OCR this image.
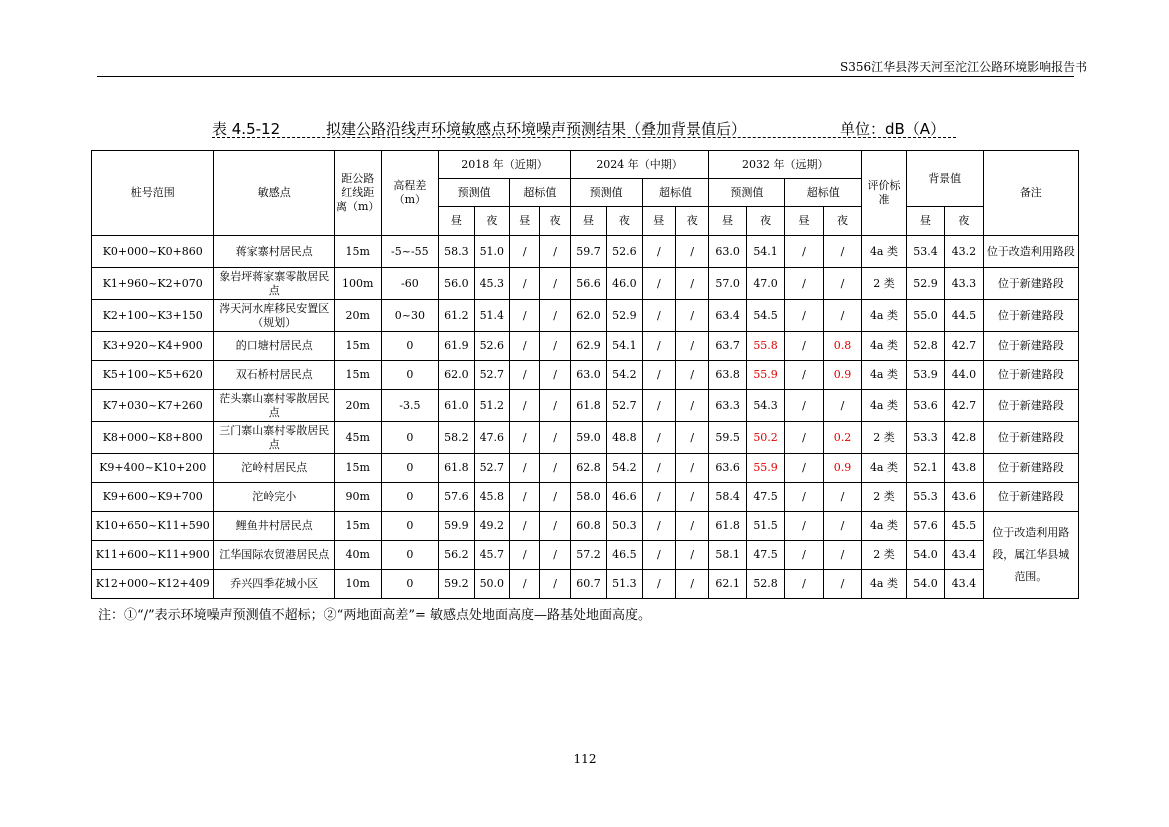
S356江华县涔天河至沱江公路环境影响报告书
表 4.5-12	拟建公路沿线声环境敏感点环境噪声预测结果（叠加背景值后）	单位：dB（A）
桩号范围	敏感点	距公路红线距离（m）	高程差（m）	2018 年（近期）				2024 年（中期）				2032 年（远期）				评价标准	背景值		备注
				预测值		超标值		预测值		超标值		预测值		超标值					
				昼	夜	昼	夜	昼	夜	昼	夜	昼	夜	昼	夜		昼	夜	
K0+000~K0+860	蒋家寨村居民点	15m	-5~-55	58.3	51.0	/	/	59.7	52.6	/	/	63.0	54.1	/	/	4a 类	53.4	43.2	位于改造利用路段
K1+960~K2+070	象岩坪蒋家寨零散居民点	100m	-60	56.0	45.3	/	/	56.6	46.0	/	/	57.0	47.0	/	/	2 类	52.9	43.3	位于新建路段
K2+100~K3+150	涔天河水库移民安置区（规划）	20m	0~30	61.2	51.4	/	/	62.0	52.9	/	/	63.4	54.5	/	/	4a 类	55.0	44.5	位于新建路段
K3+920~K4+900	的口塘村居民点	15m	0	61.9	52.6	/	/	62.9	54.1	/	/	63.7	55.8	/	0.8	4a 类	52.8	42.7	位于新建路段
K5+100~K5+620	双石桥村居民点	15m	0	62.0	52.7	/	/	63.0	54.2	/	/	63.8	55.9	/	0.9	4a 类	53.9	44.0	位于新建路段
K7+030~K7+260	茫头寨山寨村零散居民点	20m	-3.5	61.0	51.2	/	/	61.8	52.7	/	/	63.3	54.3	/	/	4a 类	53.6	42.7	位于新建路段
K8+000~K8+800	三门寨山寨村零散居民点	45m	0	58.2	47.6	/	/	59.0	48.8	/	/	59.5	50.2	/	0.2	2 类	53.3	42.8	位于新建路段
K9+400~K10+200	沱岭村居民点	15m	0	61.8	52.7	/	/	62.8	54.2	/	/	63.6	55.9	/	0.9	4a 类	52.1	43.8	位于新建路段
K9+600~K9+700	沱岭完小	90m	0	57.6	45.8	/	/	58.0	46.6	/	/	58.4	47.5	/	/	2 类	55.3	43.6	位于新建路段
K10+650~K11+590	鲤鱼井村居民点	15m	0	59.9	49.2	/	/	60.8	50.3	/	/	61.8	51.5	/	/	4a 类	57.6	45.5	位于改造利用路段，属江华县城范围。
K11+600~K11+900	江华国际农贸港居民点	40m	0	56.2	45.7	/	/	57.2	46.5	/	/	58.1	47.5	/	/	2 类	54.0	43.4	
K12+000~K12+409	乔兴四季花城小区	10m	0	59.2	50.0	/	/	60.7	51.3	/	/	62.1	52.8	/	/	4a 类	54.0	43.4	
注：①“/”表示环境噪声预测值不超标；②“两地面高差”= 敏感点处地面高度—路基处地面高度。
112
